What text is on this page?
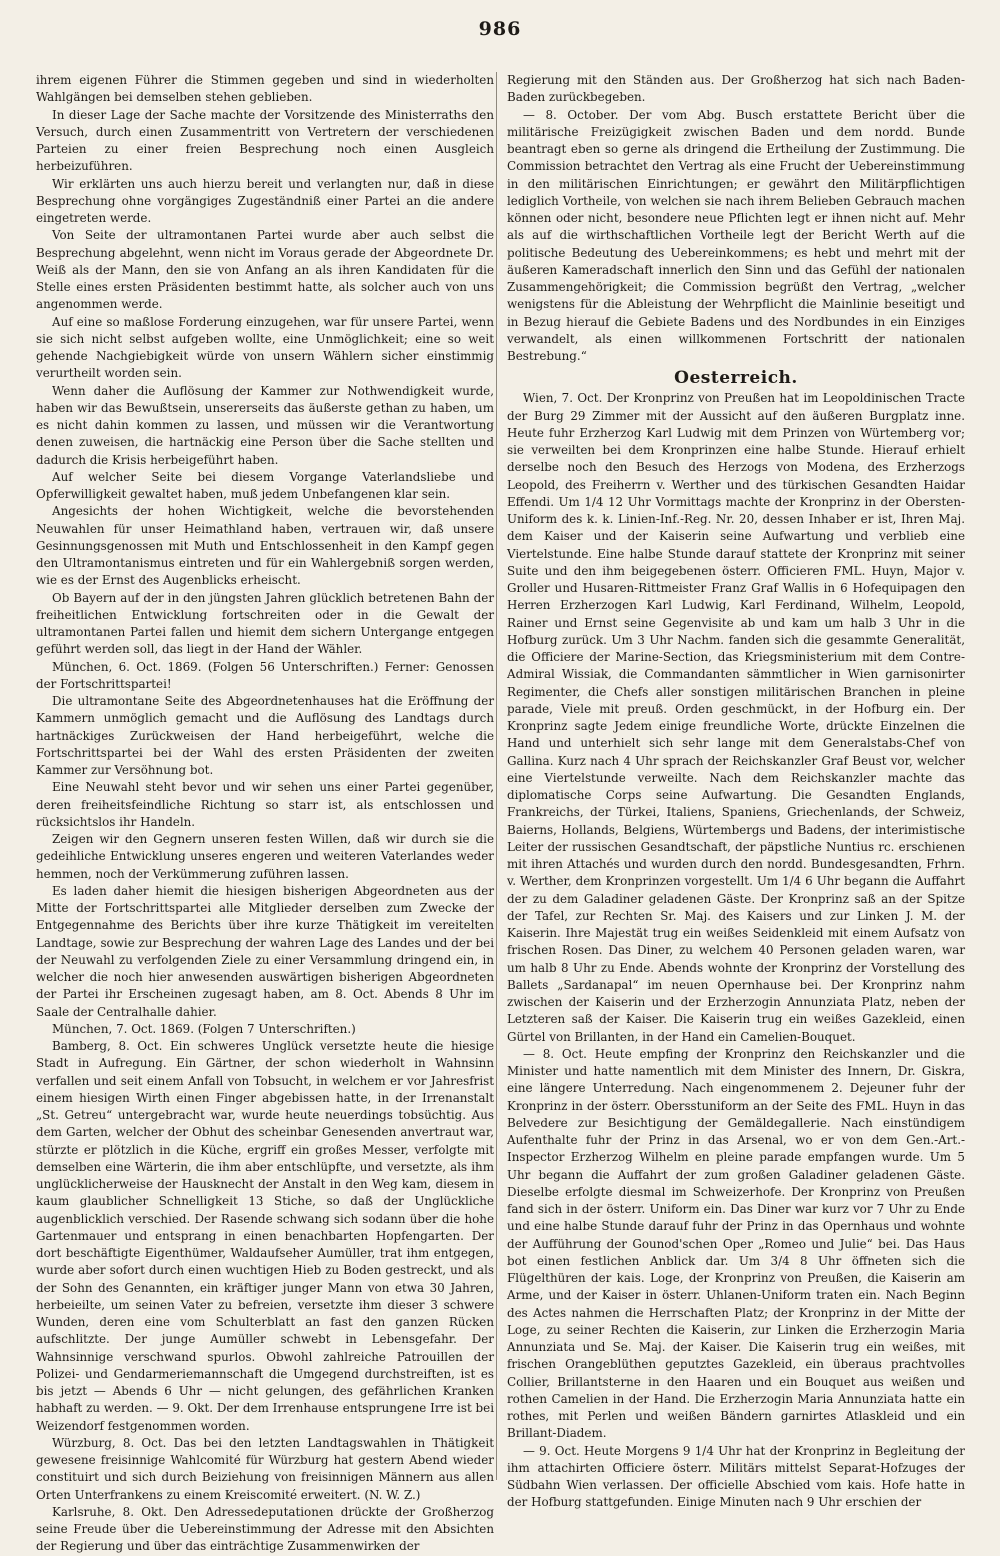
986

ihrem eigenen Führer die Stimmen gegeben und sind in wiederholten Wahlgängen bei demselben stehen geblieben.

In dieser Lage der Sache machte der Vorsitzende des Ministerraths den Versuch, durch einen Zusammentritt von Vertretern der verschiedenen Parteien zu einer freien Besprechung noch einen Ausgleich herbeizuführen.

Wir erklärten uns auch hierzu bereit und verlangten nur, daß in diese Besprechung ohne vorgängiges Zugeständniß einer Partei an die andere eingetreten werde.

Von Seite der ultramontanen Partei wurde aber auch selbst die Besprechung abgelehnt, wenn nicht im Voraus gerade der Abgeordnete Dr. Weiß als der Mann, den sie von Anfang an als ihren Kandidaten für die Stelle eines ersten Präsidenten bestimmt hatte, als solcher auch von uns angenommen werde.

Auf eine so maßlose Forderung einzugehen, war für unsere Partei, wenn sie sich nicht selbst aufgeben wollte, eine Unmöglichkeit; eine so weit gehende Nachgiebigkeit würde von unsern Wählern sicher einstimmig verurtheilt worden sein.

Wenn daher die Auflösung der Kammer zur Nothwendigkeit wurde, haben wir das Bewußtsein, unsererseits das äußerste gethan zu haben, um es nicht dahin kommen zu lassen, und müssen wir die Verantwortung denen zuweisen, die hartnäckig eine Person über die Sache stellten und dadurch die Krisis herbeigeführt haben.

Auf welcher Seite bei diesem Vorgange Vaterlandsliebe und Opferwilligkeit gewaltet haben, muß jedem Unbefangenen klar sein.

Angesichts der hohen Wichtigkeit, welche die bevorstehenden Neuwahlen für unser Heimathland haben, vertrauen wir, daß unsere Gesinnungsgenossen mit Muth und Entschlossenheit in den Kampf gegen den Ultramontanismus eintreten und für ein Wahlergebniß sorgen werden, wie es der Ernst des Augenblicks erheischt.

Ob Bayern auf der in den jüngsten Jahren glücklich betretenen Bahn der freiheitlichen Entwicklung fortschreiten oder in die Gewalt der ultramontanen Partei fallen und hiemit dem sichern Untergange entgegen geführt werden soll, das liegt in der Hand der Wähler.

München, 6. Oct. 1869. (Folgen 56 Unterschriften.) Ferner: Genossen der Fortschrittspartei!

Die ultramontane Seite des Abgeordnetenhauses hat die Eröffnung der Kammern unmöglich gemacht und die Auflösung des Landtags durch hartnäckiges Zurückweisen der Hand herbeigeführt, welche die Fortschrittspartei bei der Wahl des ersten Präsidenten der zweiten Kammer zur Versöhnung bot.

Eine Neuwahl steht bevor und wir sehen uns einer Partei gegenüber, deren freiheitsfeindliche Richtung so starr ist, als entschlossen und rücksichtslos ihr Handeln.

Zeigen wir den Gegnern unseren festen Willen, daß wir durch sie die gedeihliche Entwicklung unseres engeren und weiteren Vaterlandes weder hemmen, noch der Verkümmerung zuführen lassen.

Es laden daher hiemit die hiesigen bisherigen Abgeordneten aus der Mitte der Fortschrittspartei alle Mitglieder derselben zum Zwecke der Entgegennahme des Berichts über ihre kurze Thätigkeit im vereitelten Landtage, sowie zur Besprechung der wahren Lage des Landes und der bei der Neuwahl zu verfolgenden Ziele zu einer Versammlung dringend ein, in welcher die noch hier anwesenden auswärtigen bisherigen Abgeordneten der Partei ihr Erscheinen zugesagt haben, am 8. Oct. Abends 8 Uhr im Saale der Centralhalle dahier.

München, 7. Oct. 1869. (Folgen 7 Unterschriften.)

Bamberg, 8. Oct. Ein schweres Unglück versetzte heute die hiesige Stadt in Aufregung. Ein Gärtner, der schon wiederholt in Wahnsinn verfallen und seit einem Anfall von Tobsucht, in welchem er vor Jahresfrist einem hiesigen Wirth einen Finger abgebissen hatte, in der Irrenanstalt „St. Getreu“ untergebracht war, wurde heute neuerdings tobsüchtig. Aus dem Garten, welcher der Obhut des scheinbar Genesenden anvertraut war, stürzte er plötzlich in die Küche, ergriff ein großes Messer, verfolgte mit demselben eine Wärterin, die ihm aber entschlüpfte, und versetzte, als ihm unglücklicherweise der Hausknecht der Anstalt in den Weg kam, diesem in kaum glaublicher Schnelligkeit 13 Stiche, so daß der Unglückliche augenblicklich verschied. Der Rasende schwang sich sodann über die hohe Gartenmauer und entsprang in einen benachbarten Hopfengarten. Der dort beschäftigte Eigenthümer, Waldaufseher Aumüller, trat ihm entgegen, wurde aber sofort durch einen wuchtigen Hieb zu Boden gestreckt, und als der Sohn des Genannten, ein kräftiger junger Mann von etwa 30 Jahren, herbeieilte, um seinen Vater zu befreien, versetzte ihm dieser 3 schwere Wunden, deren eine vom Schulterblatt an fast den ganzen Rücken aufschlitzte. Der junge Aumüller schwebt in Lebensgefahr. Der Wahnsinnige verschwand spurlos. Obwohl zahlreiche Patrouillen der Polizei- und Gendarmeriemannschaft die Umgegend durchstreiften, ist es bis jetzt — Abends 6 Uhr — nicht gelungen, des gefährlichen Kranken habhaft zu werden. — 9. Okt. Der dem Irrenhause entsprungene Irre ist bei Weizendorf festgenommen worden.

Würzburg, 8. Oct. Das bei den letzten Landtagswahlen in Thätigkeit gewesene freisinnige Wahlcomité für Würzburg hat gestern Abend wieder constituirt und sich durch Beiziehung von freisinnigen Männern aus allen Orten Unterfrankens zu einem Kreiscomité erweitert. (N. W. Z.)

Karlsruhe, 8. Okt. Den Adressedeputationen drückte der Großherzog seine Freude über die Uebereinstimmung der Adresse mit den Absichten der Regierung und über das einträchtige Zusammenwirken der

Regierung mit den Ständen aus. Der Großherzog hat sich nach Baden-Baden zurückbegeben.

— 8. October. Der vom Abg. Busch erstattete Bericht über die militärische Freizügigkeit zwischen Baden und dem nordd. Bunde beantragt eben so gerne als dringend die Ertheilung der Zustimmung. Die Commission betrachtet den Vertrag als eine Frucht der Uebereinstimmung in den militärischen Einrichtungen; er gewährt den Militärpflichtigen lediglich Vortheile, von welchen sie nach ihrem Belieben Gebrauch machen können oder nicht, besondere neue Pflichten legt er ihnen nicht auf. Mehr als auf die wirthschaftlichen Vortheile legt der Bericht Werth auf die politische Bedeutung des Uebereinkommens; es hebt und mehrt mit der äußeren Kameradschaft innerlich den Sinn und das Gefühl der nationalen Zusammengehörigkeit; die Commission begrüßt den Vertrag, „welcher wenigstens für die Ableistung der Wehrpflicht die Mainlinie beseitigt und in Bezug hierauf die Gebiete Badens und des Nordbundes in ein Einziges verwandelt, als einen willkommenen Fortschritt der nationalen Bestrebung.“

Oesterreich.

Wien, 7. Oct. Der Kronprinz von Preußen hat im Leopoldinischen Tracte der Burg 29 Zimmer mit der Aussicht auf den äußeren Burgplatz inne. Heute fuhr Erzherzog Karl Ludwig mit dem Prinzen von Würtemberg vor; sie verweilten bei dem Kronprinzen eine halbe Stunde. Hierauf erhielt derselbe noch den Besuch des Herzogs von Modena, des Erzherzogs Leopold, des Freiherrn v. Werther und des türkischen Gesandten Haidar Effendi. Um 1/4 12 Uhr Vormittags machte der Kronprinz in der Obersten-Uniform des k. k. Linien-Inf.-Reg. Nr. 20, dessen Inhaber er ist, Ihren Maj. dem Kaiser und der Kaiserin seine Aufwartung und verblieb eine Viertelstunde. Eine halbe Stunde darauf stattete der Kronprinz mit seiner Suite und den ihm beigegebenen österr. Officieren FML. Huyn, Major v. Groller und Husaren-Rittmeister Franz Graf Wallis in 6 Hofequipagen den Herren Erzherzogen Karl Ludwig, Karl Ferdinand, Wilhelm, Leopold, Rainer und Ernst seine Gegenvisite ab und kam um halb 3 Uhr in die Hofburg zurück. Um 3 Uhr Nachm. fanden sich die gesammte Generalität, die Officiere der Marine-Section, das Kriegsministerium mit dem Contre-Admiral Wissiak, die Commandanten sämmtlicher in Wien garnisonirter Regimenter, die Chefs aller sonstigen militärischen Branchen in pleine parade, Viele mit preuß. Orden geschmückt, in der Hofburg ein. Der Kronprinz sagte Jedem einige freundliche Worte, drückte Einzelnen die Hand und unterhielt sich sehr lange mit dem Generalstabs-Chef von Gallina. Kurz nach 4 Uhr sprach der Reichskanzler Graf Beust vor, welcher eine Viertelstunde verweilte. Nach dem Reichskanzler machte das diplomatische Corps seine Aufwartung. Die Gesandten Englands, Frankreichs, der Türkei, Italiens, Spaniens, Griechenlands, der Schweiz, Baierns, Hollands, Belgiens, Würtembergs und Badens, der interimistische Leiter der russischen Gesandtschaft, der päpstliche Nuntius rc. erschienen mit ihren Attachés und wurden durch den nordd. Bundesgesandten, Frhrn. v. Werther, dem Kronprinzen vorgestellt. Um 1/4 6 Uhr begann die Auffahrt der zu dem Galadiner geladenen Gäste. Der Kronprinz saß an der Spitze der Tafel, zur Rechten Sr. Maj. des Kaisers und zur Linken J. M. der Kaiserin. Ihre Majestät trug ein weißes Seidenkleid mit einem Aufsatz von frischen Rosen. Das Diner, zu welchem 40 Personen geladen waren, war um halb 8 Uhr zu Ende. Abends wohnte der Kronprinz der Vorstellung des Ballets „Sardanapal“ im neuen Opernhause bei. Der Kronprinz nahm zwischen der Kaiserin und der Erzherzogin Annunziata Platz, neben der Letzteren saß der Kaiser. Die Kaiserin trug ein weißes Gazekleid, einen Gürtel von Brillanten, in der Hand ein Camelien-Bouquet.

— 8. Oct. Heute empfing der Kronprinz den Reichskanzler und die Minister und hatte namentlich mit dem Minister des Innern, Dr. Giskra, eine längere Unterredung. Nach eingenommenem 2. Dejeuner fuhr der Kronprinz in der österr. Obersstuniform an der Seite des FML. Huyn in das Belvedere zur Besichtigung der Gemäldegallerie. Nach einstündigem Aufenthalte fuhr der Prinz in das Arsenal, wo er von dem Gen.-Art.-Inspector Erzherzog Wilhelm en pleine parade empfangen wurde. Um 5 Uhr begann die Auffahrt der zum großen Galadiner geladenen Gäste. Dieselbe erfolgte diesmal im Schweizerhofe. Der Kronprinz von Preußen fand sich in der österr. Uniform ein. Das Diner war kurz vor 7 Uhr zu Ende und eine halbe Stunde darauf fuhr der Prinz in das Opernhaus und wohnte der Aufführung der Gounod'schen Oper „Romeo und Julie“ bei. Das Haus bot einen festlichen Anblick dar. Um 3/4 8 Uhr öffneten sich die Flügelthüren der kais. Loge, der Kronprinz von Preußen, die Kaiserin am Arme, und der Kaiser in österr. Uhlanen-Uniform traten ein. Nach Beginn des Actes nahmen die Herrschaften Platz; der Kronprinz in der Mitte der Loge, zu seiner Rechten die Kaiserin, zur Linken die Erzherzogin Maria Annunziata und Se. Maj. der Kaiser. Die Kaiserin trug ein weißes, mit frischen Orangeblüthen geputztes Gazekleid, ein überaus prachtvolles Collier, Brillantsterne in den Haaren und ein Bouquet aus weißen und rothen Camelien in der Hand. Die Erzherzogin Maria Annunziata hatte ein rothes, mit Perlen und weißen Bändern garnirtes Atlaskleid und ein Brillant-Diadem.

— 9. Oct. Heute Morgens 9 1/4 Uhr hat der Kronprinz in Begleitung der ihm attachirten Officiere österr. Militärs mittelst Separat-Hofzuges der Südbahn Wien verlassen. Der officielle Abschied vom kais. Hofe hatte in der Hofburg stattgefunden. Einige Minuten nach 9 Uhr erschien der
